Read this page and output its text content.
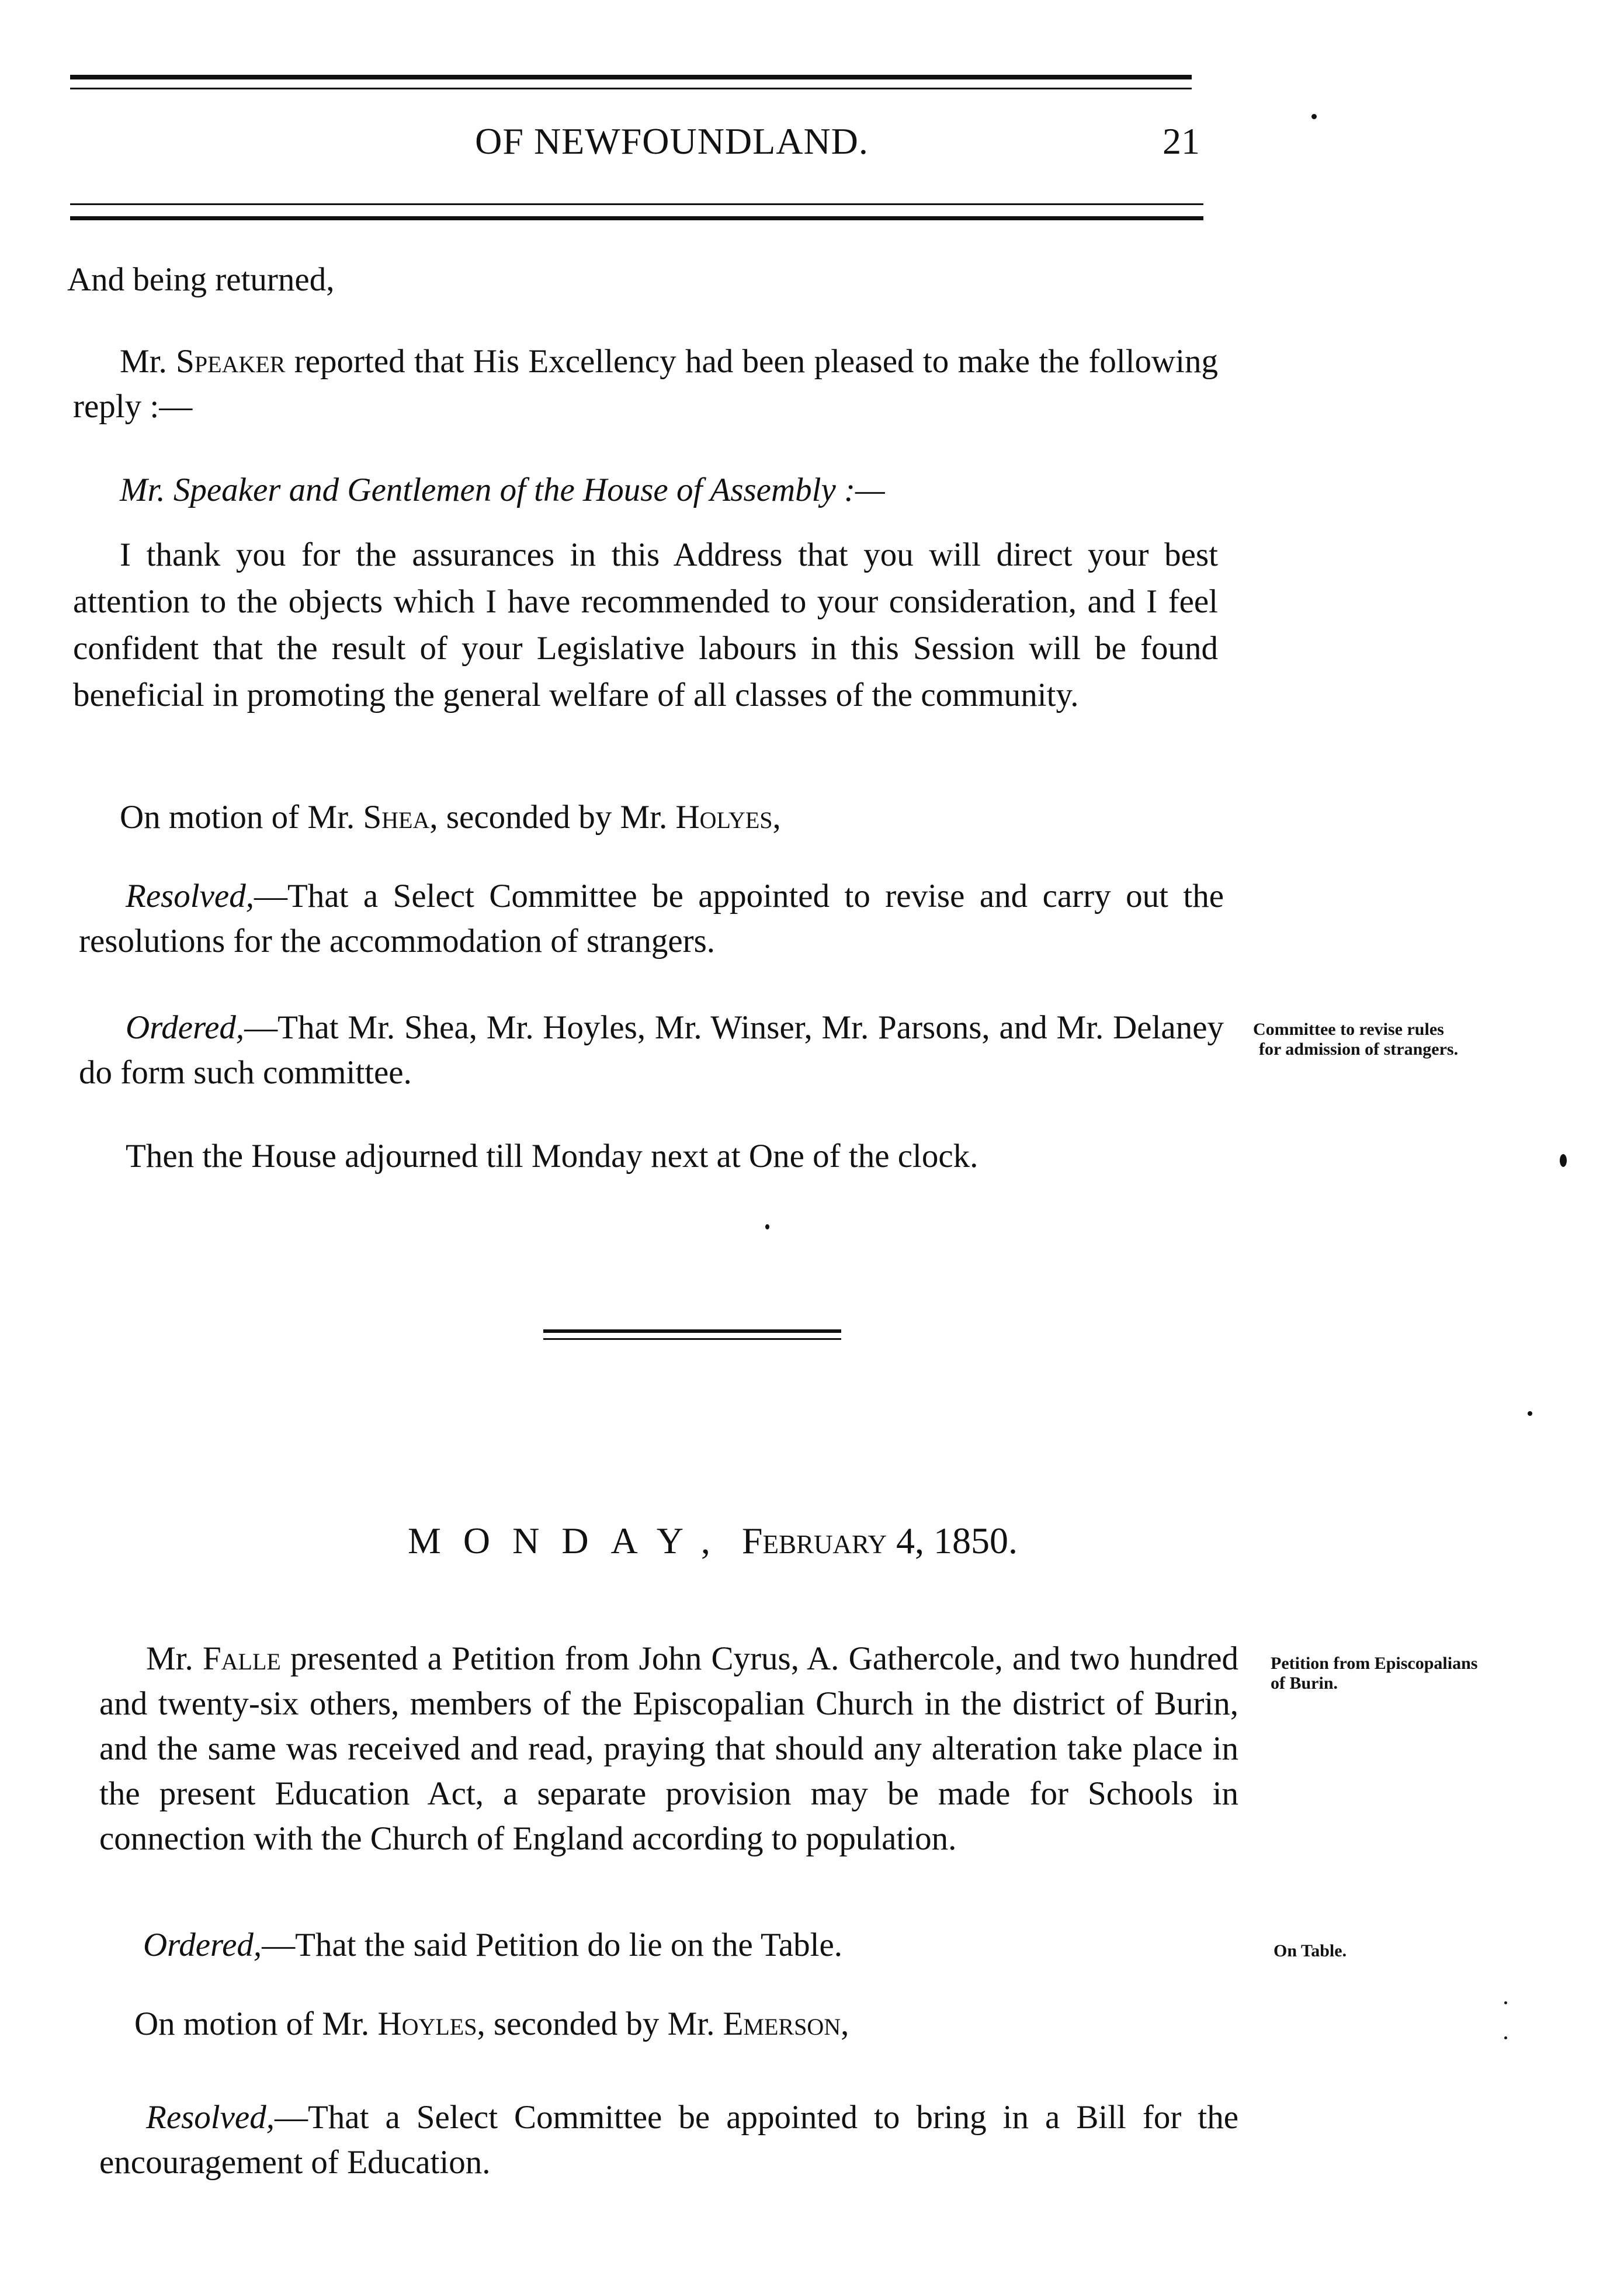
OF NEWFOUNDLAND.	21

And being returned,

Mr. Speaker reported that His Excellency had been pleased to make the following reply :—

Mr. Speaker and Gentlemen of the House of Assembly :—

I thank you for the assurances in this Address that you will direct your best attention to the objects which I have recommended to your consideration, and I feel confident that the result of your Legislative labours in this Session will be found beneficial in promoting the general welfare of all classes of the community.

On motion of Mr. Shea, seconded by Mr. Holyes,

Resolved,—That a Select Committee be appointed to revise and carry out the resolutions for the accommodation of strangers.

Ordered,—That Mr. Shea, Mr. Hoyles, Mr. Winser, Mr. Parsons, and Mr. Delaney do form such committee.

Committee to revise rules
for admission of strangers.

Then the House adjourned till Monday next at One of the clock.

MONDAY, February 4, 1850.

Mr. Falle presented a Petition from John Cyrus, A. Gathercole, and two hundred and twenty-six others, members of the Episcopalian Church in the district of Burin, and the same was received and read, praying that should any alteration take place in the present Education Act, a separate provision may be made for Schools in connection with the Church of England according to population.

Petition from Episcopalians
of Burin.

Ordered,—That the said Petition do lie on the Table.	On Table.

On motion of Mr. Hoyles, seconded by Mr. Emerson,

Resolved,—That a Select Committee be appointed to bring in a Bill for the encouragement of Education.
